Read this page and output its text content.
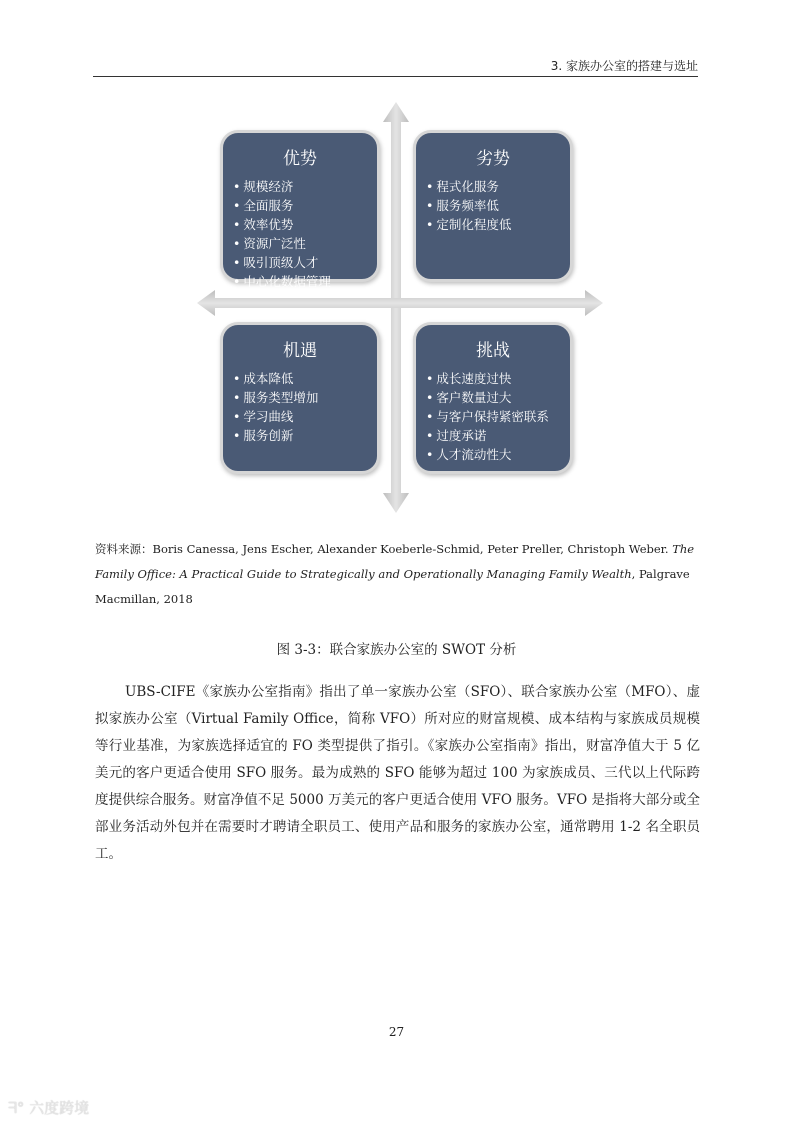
3. 家族办公室的搭建与选址
优势
• 规模经济
• 全面服务
• 效率优势
• 资源广泛性
• 吸引顶级人才
• 中心化数据管理
劣势
• 程式化服务
• 服务频率低
• 定制化程度低
机遇
• 成本降低
• 服务类型增加
• 学习曲线
• 服务创新
挑战
• 成长速度过快
• 客户数量过大
• 与客户保持紧密联系
• 过度承诺
• 人才流动性大
资料来源：Boris Canessa, Jens Escher, Alexander Koeberle-Schmid, Peter Preller, Christoph Weber. The Family Office: A Practical Guide to Strategically and Operationally Managing Family Wealth, Palgrave Macmillan, 2018
图 3-3：联合家族办公室的 SWOT 分析

UBS-CIFE《家族办公室指南》指出了单一家族办公室（SFO）、联合家族办公室（MFO）、虚拟家族办公室（Virtual Family Office，简称 VFO）所对应的财富规模、成本结构与家族成员规模等行业基准，为家族选择适宜的 FO 类型提供了指引。《家族办公室指南》指出，财富净值大于 5 亿美元的客户更适合使用 SFO 服务。最为成熟的 SFO 能够为超过 100 为家族成员、三代以上代际跨度提供综合服务。财富净值不足 5000 万美元的客户更适合使用 VFO 服务。VFO 是指将大部分或全部业务活动外包并在需要时才聘请全职员工、使用产品和服务的家族办公室，通常聘用 1-2 名全职员工。

27
ᖷ° 六度跨境
